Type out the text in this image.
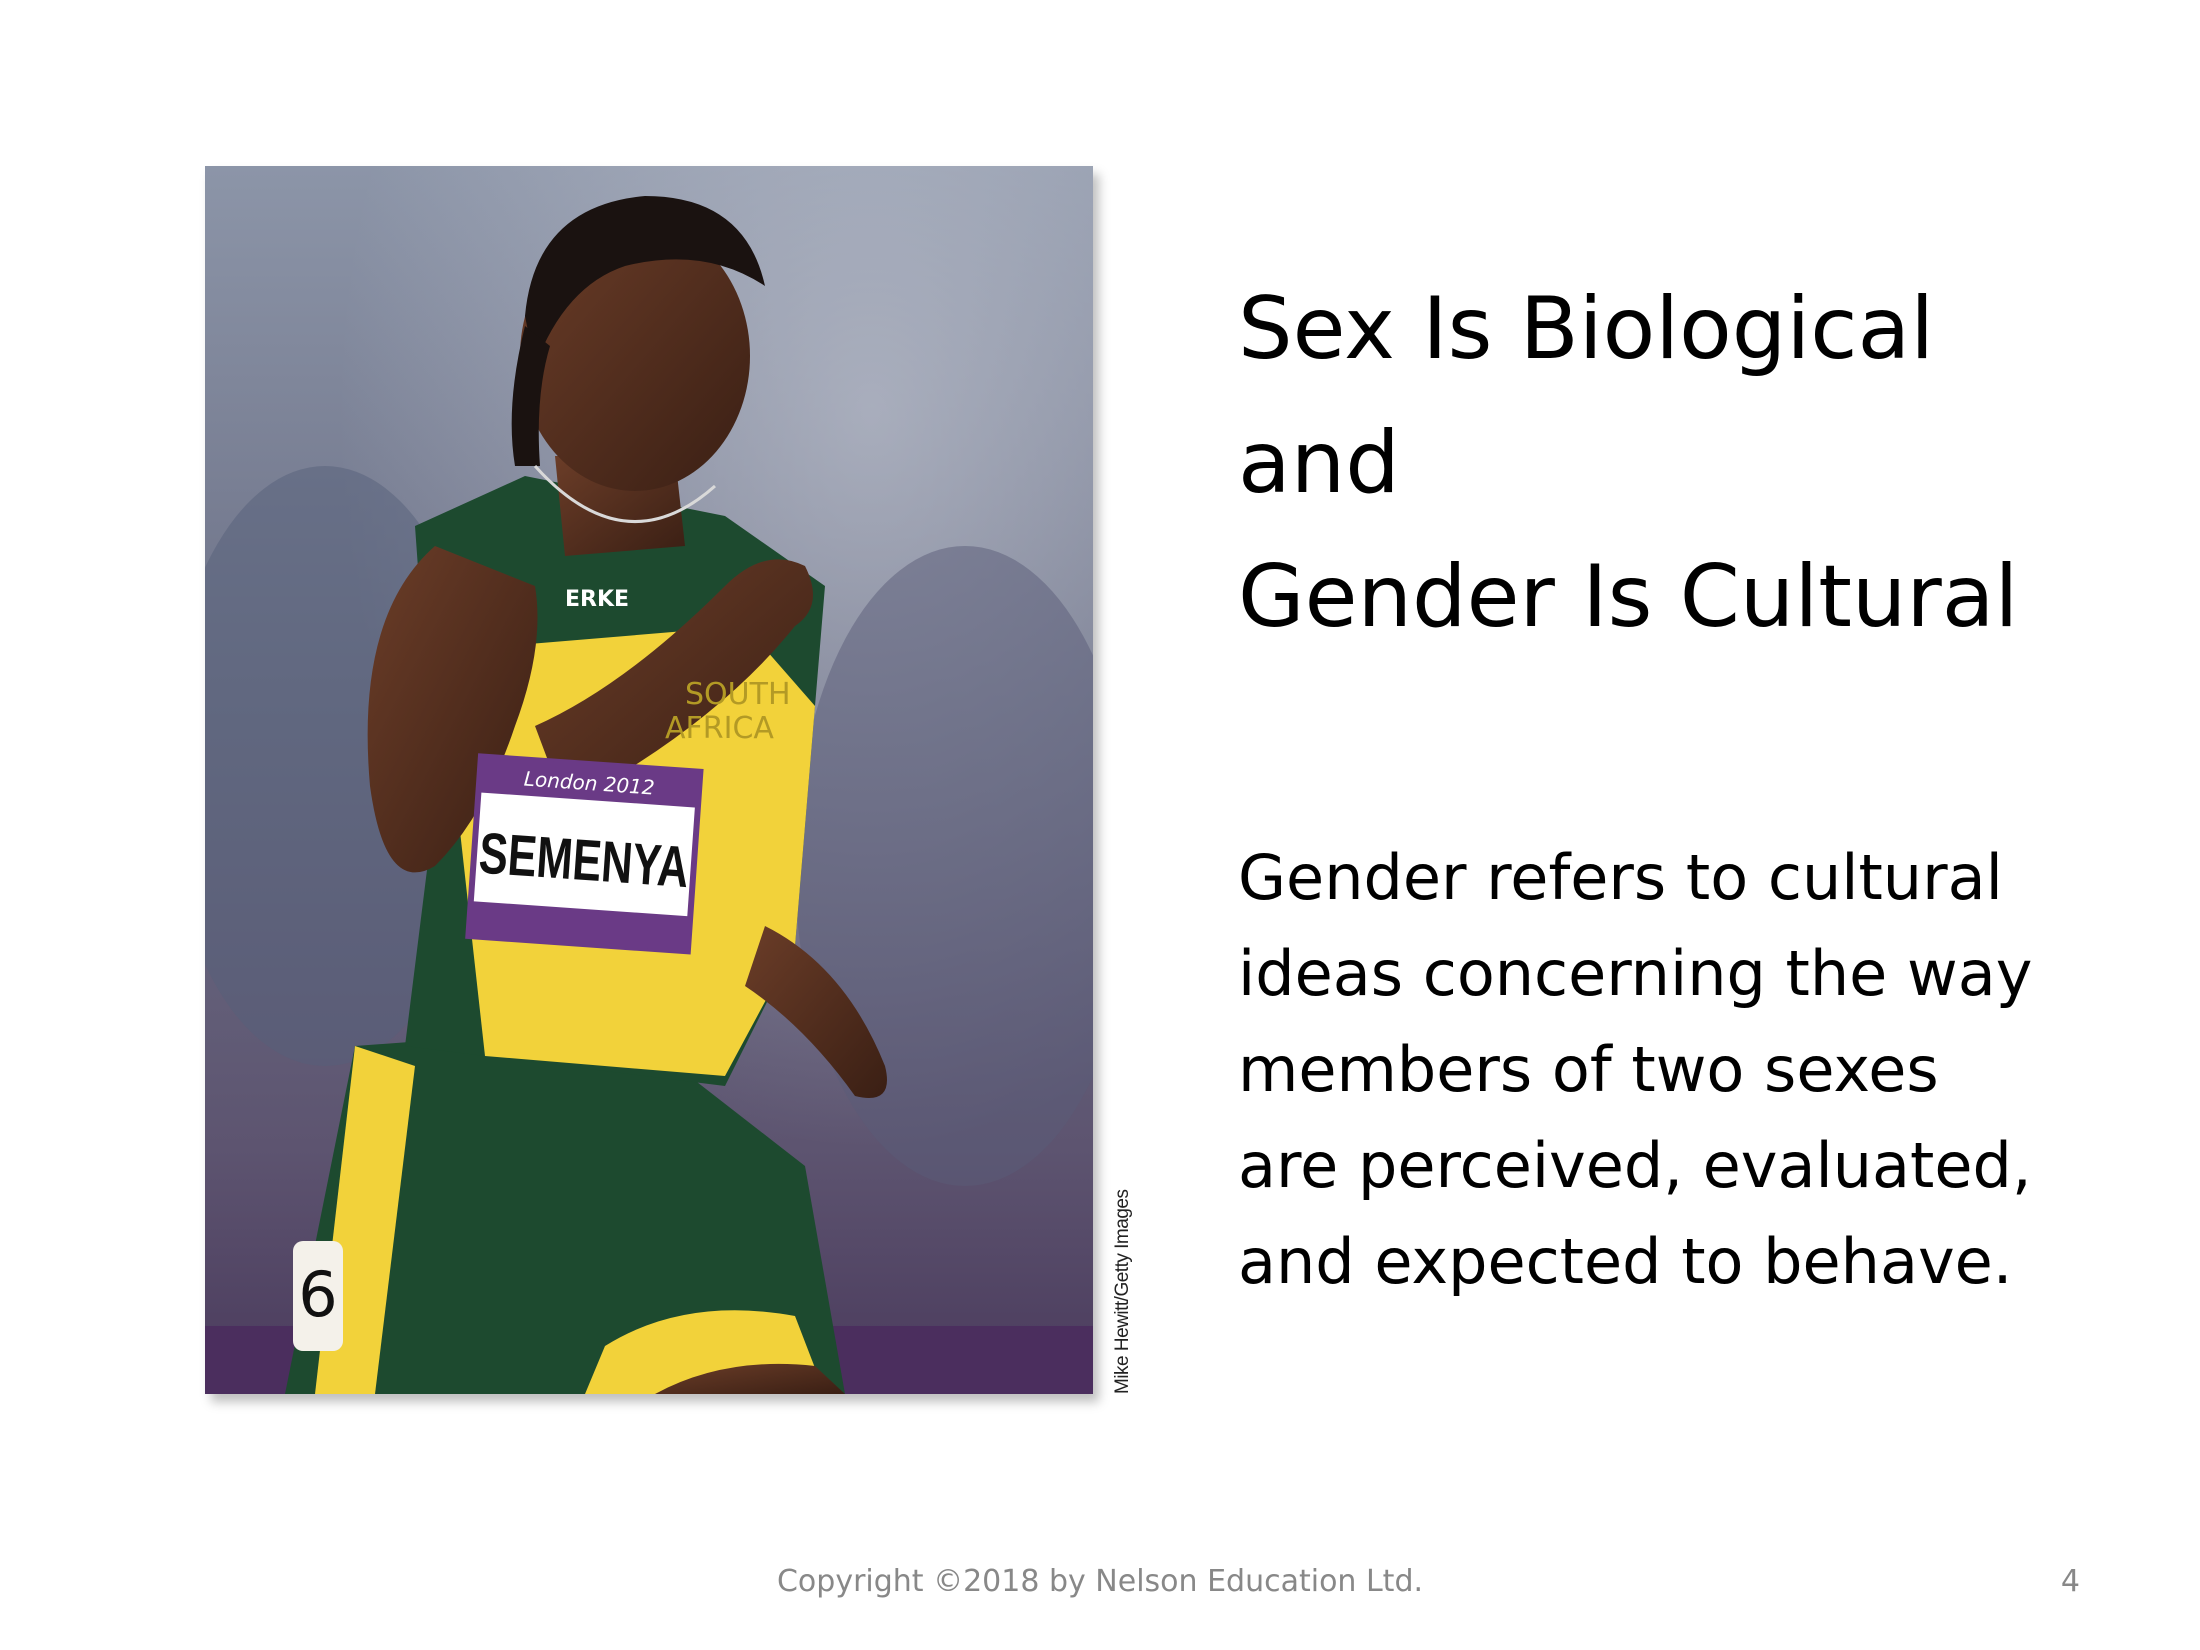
6
ERKE
SOUTH
AFRICA
London 2012
SEMENYA
Mike Hewitt/Getty Images
Sex Is Biological
and
Gender Is Cultural
Gender refers to cultural
ideas concerning the way
members of two sexes
are perceived, evaluated,
and expected to behave.
Copyright ©2018 by Nelson Education Ltd.	4
